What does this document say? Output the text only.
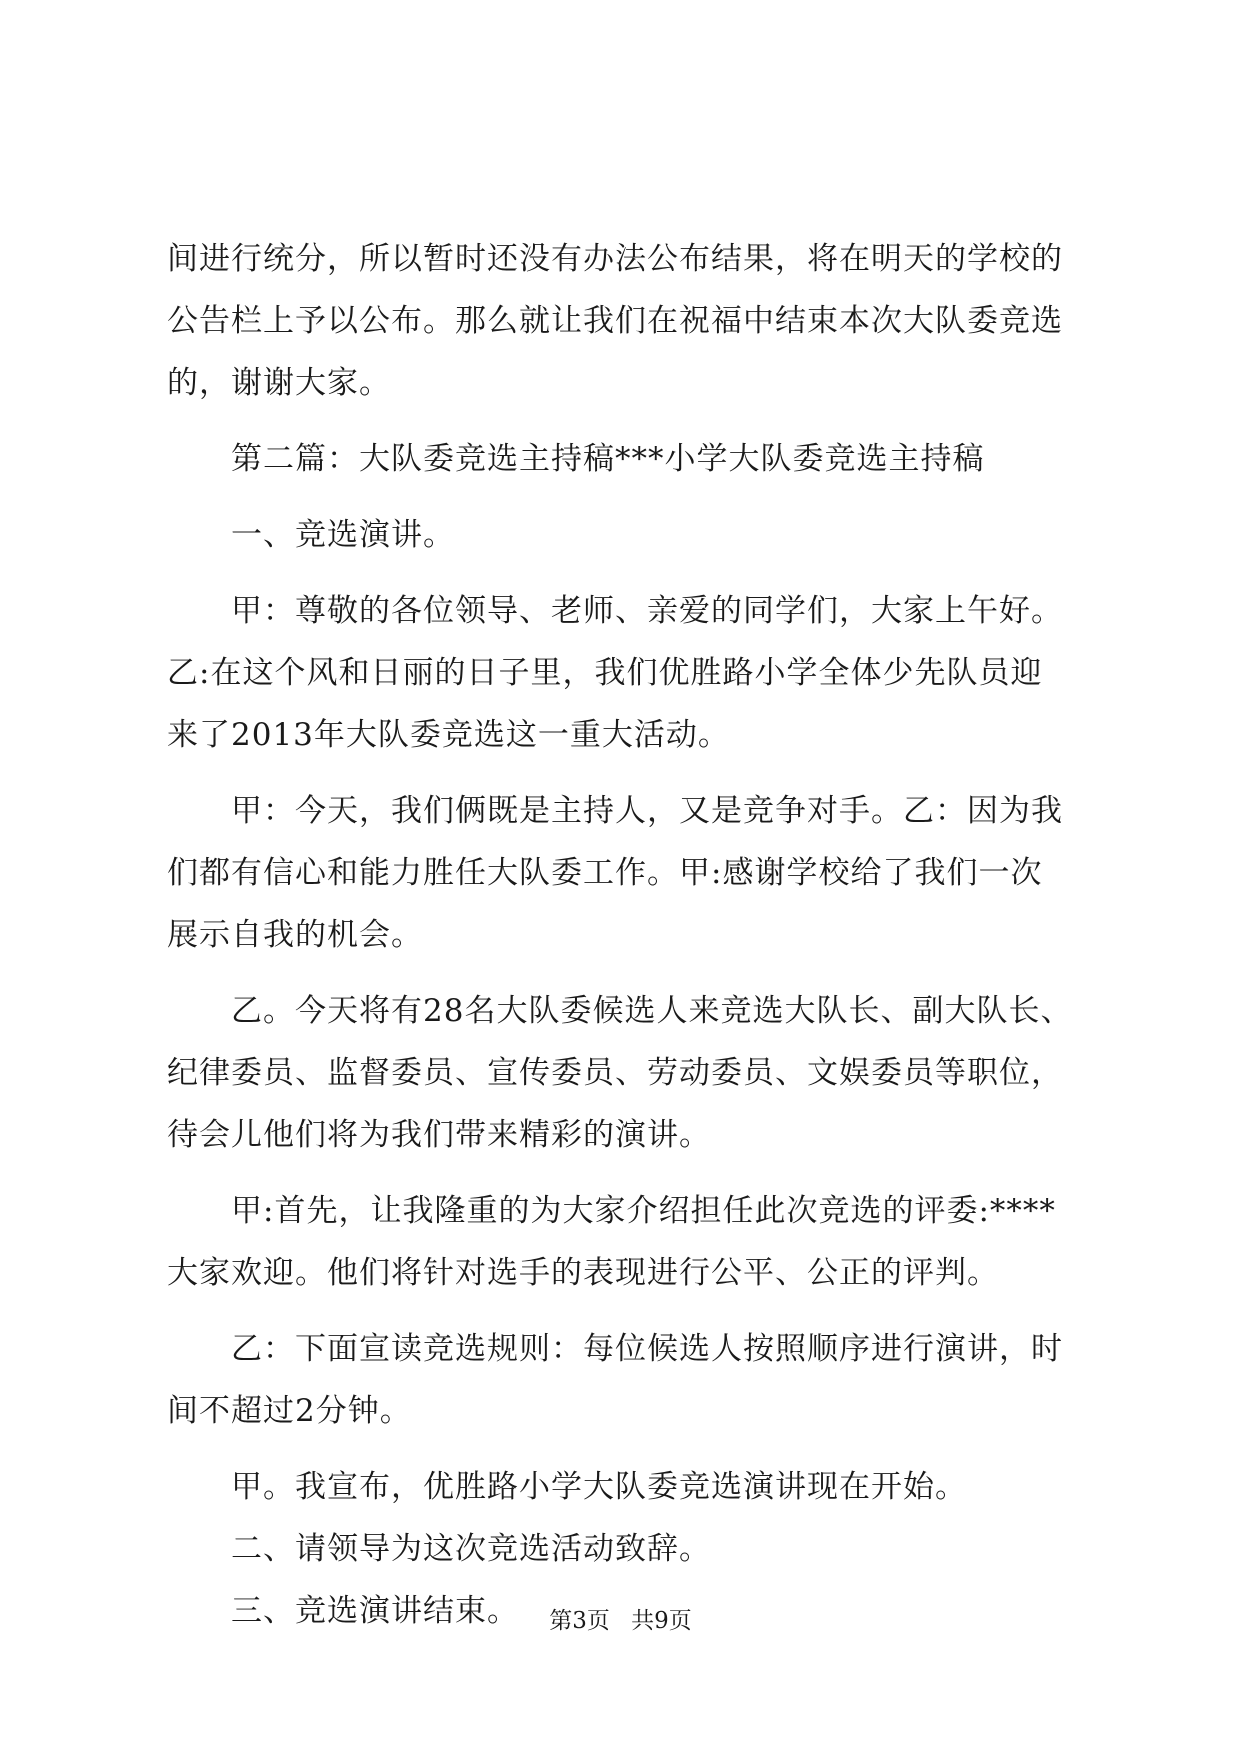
间进行统分，所以暂时还没有办法公布结果，将在明天的学校的
公告栏上予以公布。那么就让我们在祝福中结束本次大队委竞选
的，谢谢大家。
第二篇：大队委竞选主持稿***小学大队委竞选主持稿
一、竞选演讲。
甲：尊敬的各位领导、老师、亲爱的同学们，大家上午好。
乙:在这个风和日丽的日子里，我们优胜路小学全体少先队员迎
来了2013年大队委竞选这一重大活动。
甲：今天，我们俩既是主持人，又是竞争对手。乙：因为我
们都有信心和能力胜任大队委工作。甲:感谢学校给了我们一次
展示自我的机会。
乙。今天将有28名大队委候选人来竞选大队长、副大队长、
纪律委员、监督委员、宣传委员、劳动委员、文娱委员等职位，
待会儿他们将为我们带来精彩的演讲。
甲:首先，让我隆重的为大家介绍担任此次竞选的评委:****
大家欢迎。他们将针对选手的表现进行公平、公正的评判。
乙：下面宣读竞选规则：每位候选人按照顺序进行演讲，时
间不超过2分钟。
甲。我宣布，优胜路小学大队委竞选演讲现在开始。
二、请领导为这次竞选活动致辞。
三、竞选演讲结束。	第3页 共9页
